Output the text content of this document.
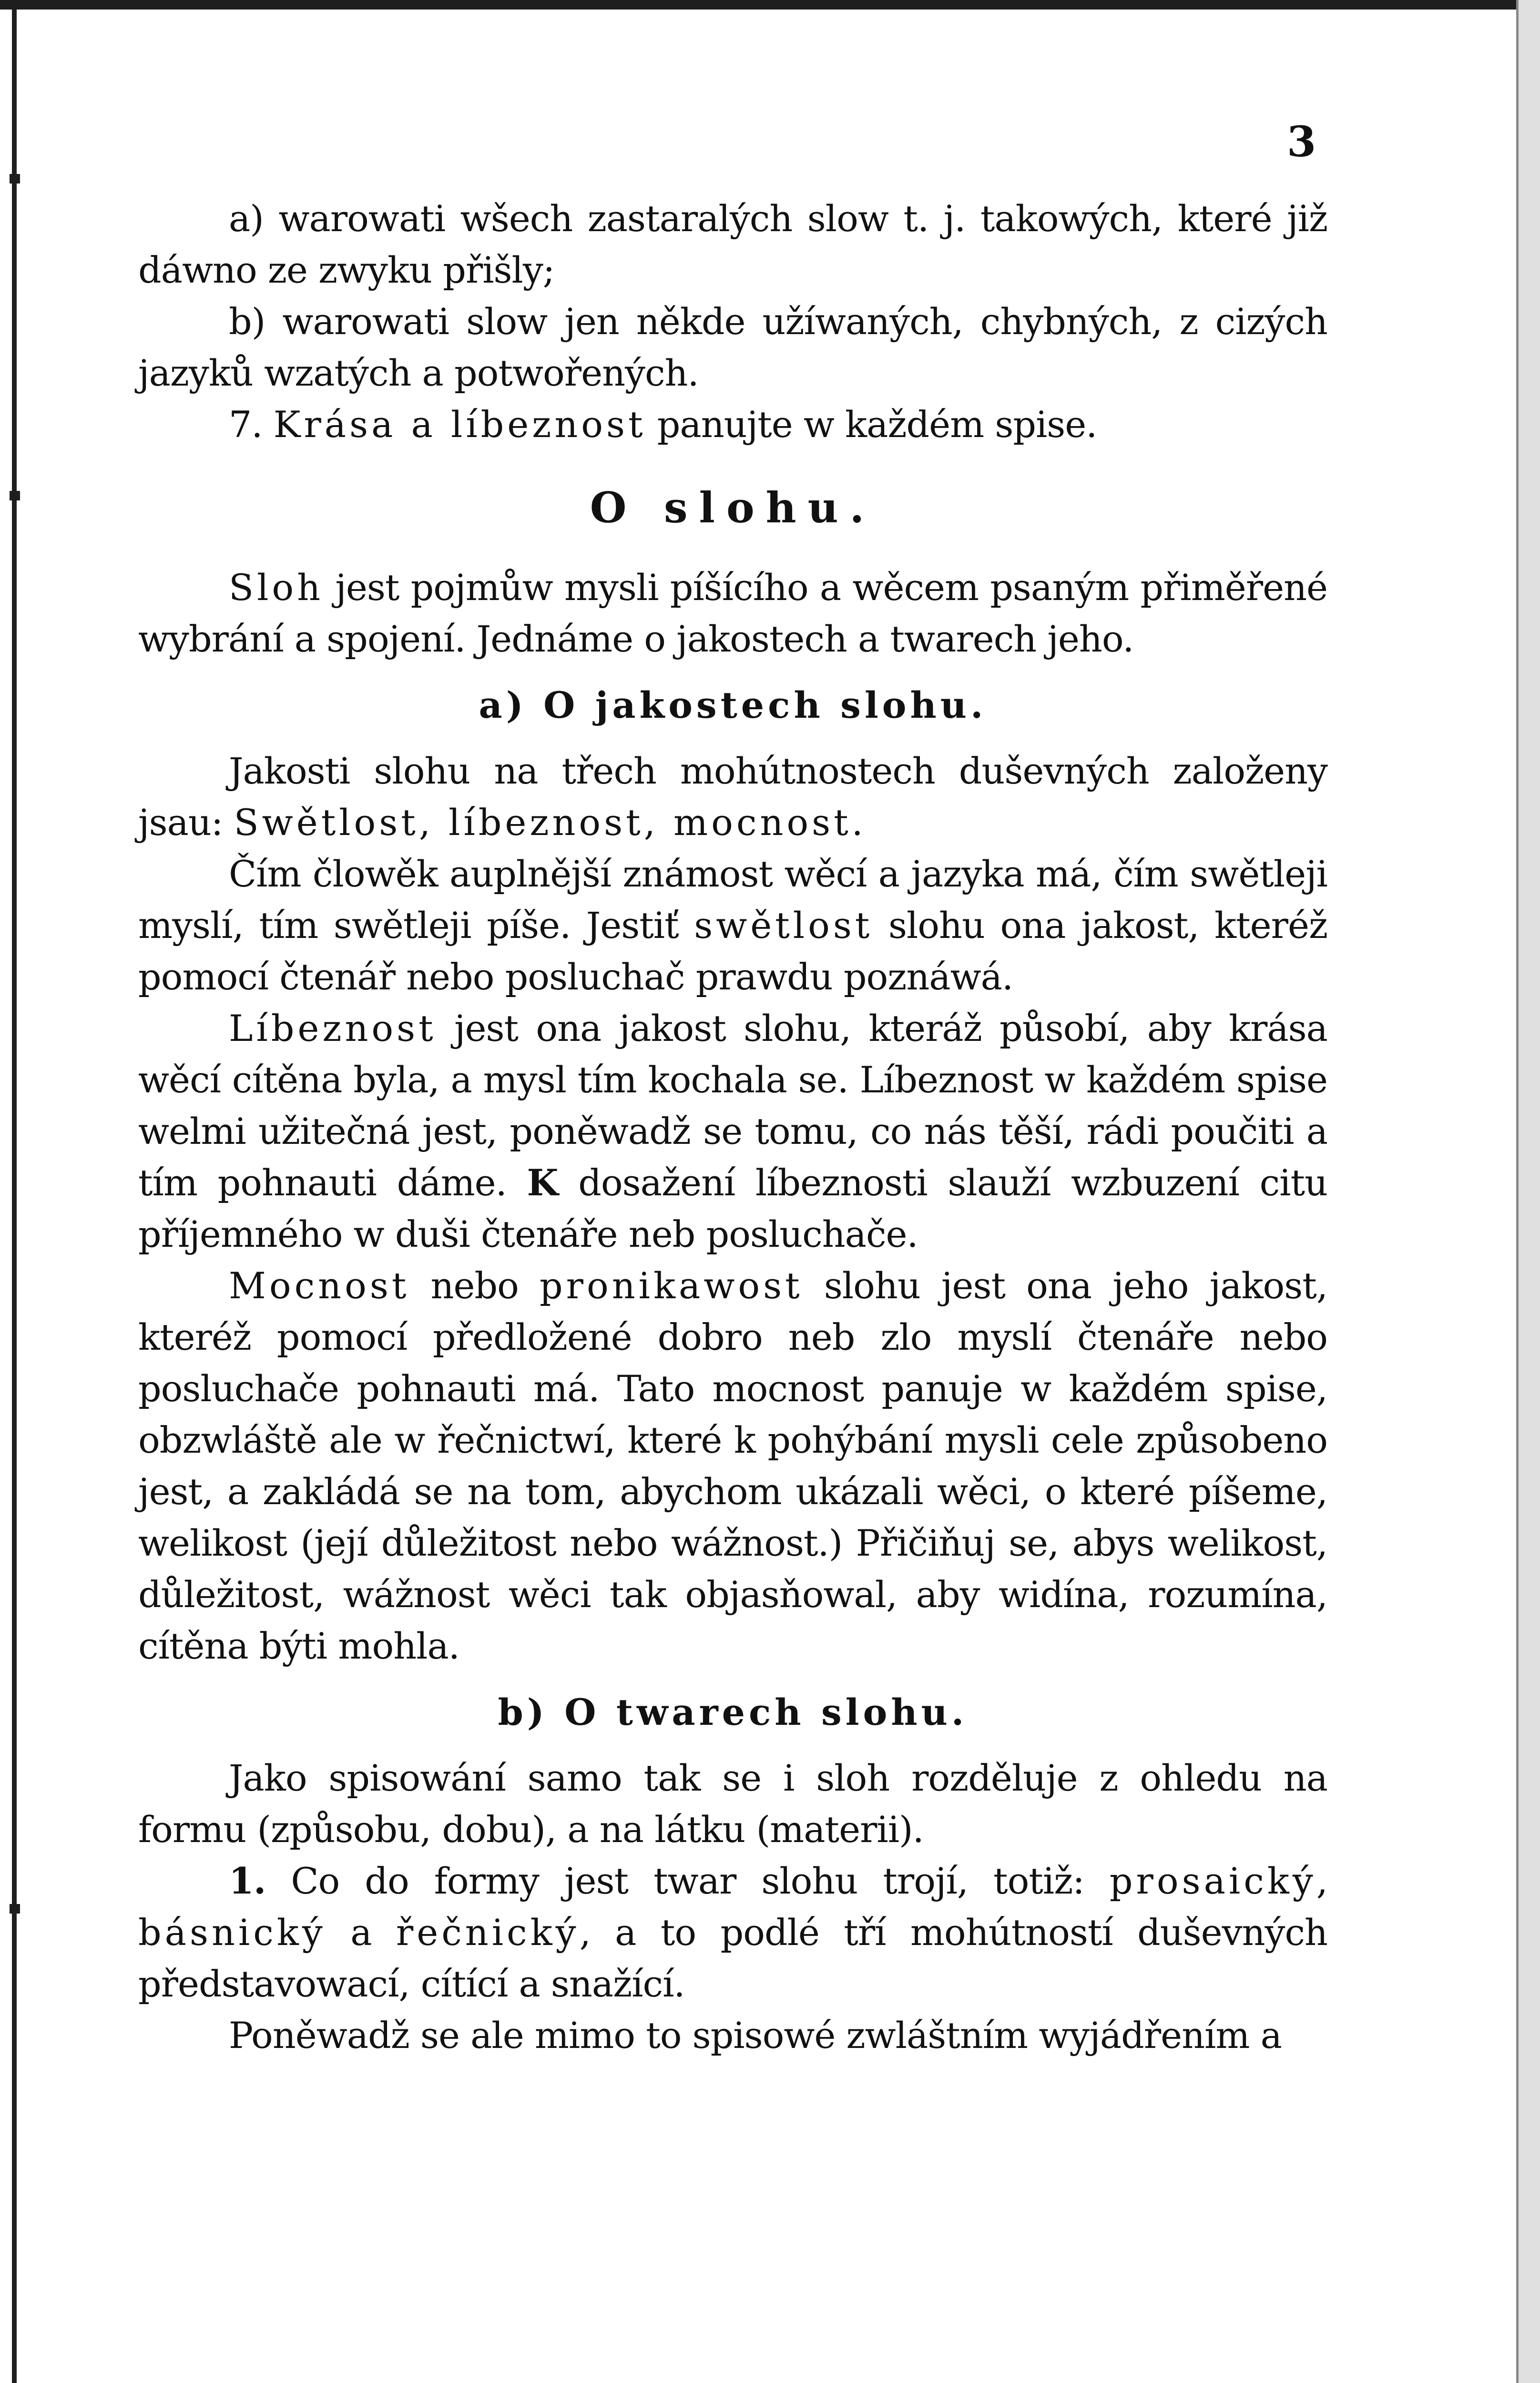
3

a) warowati wšech zastaralých slow t. j. takowých, které již dáwno ze zwyku přišly;

b) warowati slow jen někde užíwaných, chybných, z cizých jazyků wzatých a potwořených.

7. Krása a líbeznost panujte w každém spise.

O slohu.

Sloh jest pojmůw mysli píšícího a wěcem psaným přiměřené wybrání a spojení. Jednáme o jakostech a twarech jeho.

a) O jakostech slohu.

Jakosti slohu na třech mohútnostech duševných založeny jsau: Swětlost, líbeznost, mocnost.

Čím člowěk auplnější známost wěcí a jazyka má, čím swětleji myslí, tím swětleji píše. Jestiť swětlost slohu ona jakost, kteréž pomocí čtenář nebo posluchač prawdu poznáwá.

Líbeznost jest ona jakost slohu, kteráž působí, aby krása wěcí cítěna byla, a mysl tím kochala se. Líbeznost w každém spise welmi užitečná jest, poněwadž se tomu, co nás těší, rádi poučiti a tím pohnauti dáme. K dosažení líbeznosti slauží wzbuzení citu příjemného w duši čtenáře neb posluchače.

Mocnost nebo pronikawost slohu jest ona jeho jakost, kteréž pomocí předložené dobro neb zlo myslí čtenáře nebo posluchače pohnauti má. Tato mocnost panuje w každém spise, obzwláště ale w řečnictwí, které k pohýbání mysli cele způsobeno jest, a zakládá se na tom, abychom ukázali wěci, o které píšeme, welikost (její důležitost nebo wážnost.) Přičiňuj se, abys welikost, důležitost, wážnost wěci tak objasňowal, aby widína, rozumína, cítěna býti mohla.

b) O twarech slohu.

Jako spisowání samo tak se i sloh rozděluje z ohledu na formu (způsobu, dobu), a na látku (materii).

1. Co do formy jest twar slohu trojí, totiž: prosaický, básnický a řečnický, a to podlé tří mohútností duševných představowací, cítící a snažící.

Poněwadž se ale mimo to spisowé zwláštním wyjádřením a
